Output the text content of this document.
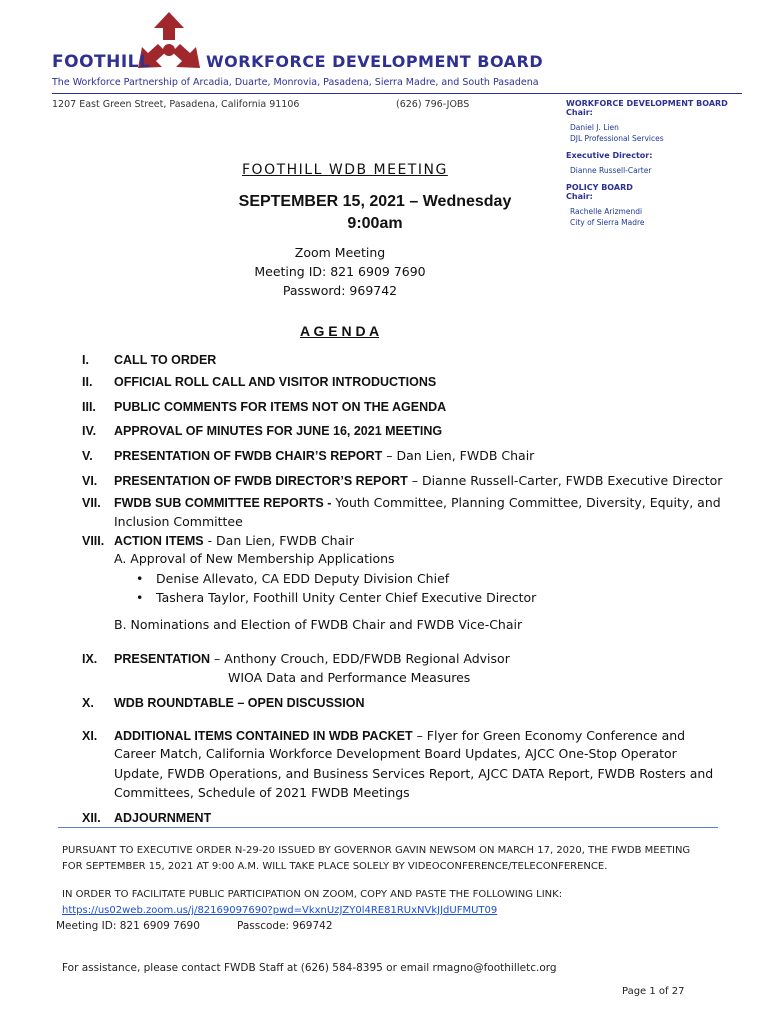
FOOTHILL	WORKFORCE DEVELOPMENT BOARD
The Workforce Partnership of Arcadia, Duarte, Monrovia, Pasadena, Sierra Madre, and South Pasadena
1207 East Green Street, Pasadena, California 91106	(626) 796-JOBS	WORKFORCE DEVELOPMENT BOARD
Chair:
Daniel J. Lien
DJL Professional Services
Executive Director:
Dianne Russell-Carter
POLICY BOARD
Chair:
Rachelle Arizmendi
City of Sierra Madre
FOOTHILL WDB MEETING
SEPTEMBER 15, 2021 – Wednesday
9:00am
Zoom Meeting
Meeting ID: 821 6909 7690
Password: 969742
A G E N D A
I. CALL TO ORDER
II. OFFICIAL ROLL CALL AND VISITOR INTRODUCTIONS
III. PUBLIC COMMENTS FOR ITEMS NOT ON THE AGENDA
IV. APPROVAL OF MINUTES FOR JUNE 16, 2021 MEETING
V. PRESENTATION OF FWDB CHAIR’S REPORT – Dan Lien, FWDB Chair
VI. PRESENTATION OF FWDB DIRECTOR’S REPORT – Dianne Russell-Carter, FWDB Executive Director
VII. FWDB SUB COMMITTEE REPORTS - Youth Committee, Planning Committee, Diversity, Equity, and
Inclusion Committee
VIII. ACTION ITEMS - Dan Lien, FWDB Chair
A. Approval of New Membership Applications
• Denise Allevato, CA EDD Deputy Division Chief
• Tashera Taylor, Foothill Unity Center Chief Executive Director
B. Nominations and Election of FWDB Chair and FWDB Vice-Chair
IX. PRESENTATION – Anthony Crouch, EDD/FWDB Regional Advisor
WIOA Data and Performance Measures
X. WDB ROUNDTABLE – OPEN DISCUSSION
XI. ADDITIONAL ITEMS CONTAINED IN WDB PACKET – Flyer for Green Economy Conference and
Career Match, California Workforce Development Board Updates, AJCC One-Stop Operator
Update, FWDB Operations, and Business Services Report, AJCC DATA Report, FWDB Rosters and
Committees, Schedule of 2021 FWDB Meetings
XII. ADJOURNMENT
PURSUANT TO EXECUTIVE ORDER N-29-20 ISSUED BY GOVERNOR GAVIN NEWSOM ON MARCH 17, 2020, THE FWDB MEETING
FOR SEPTEMBER 15, 2021 AT 9:00 A.M. WILL TAKE PLACE SOLELY BY VIDEOCONFERENCE/TELECONFERENCE.
IN ORDER TO FACILITATE PUBLIC PARTICIPATION ON ZOOM, COPY AND PASTE THE FOLLOWING LINK:
https://us02web.zoom.us/j/82169097690?pwd=VkxnUzJZY0l4RE81RUxNVkJJdUFMUT09
Meeting ID: 821 6909 7690	Passcode: 969742
For assistance, please contact FWDB Staff at (626) 584-8395 or email rmagno@foothilletc.org
Page 1 of 27
